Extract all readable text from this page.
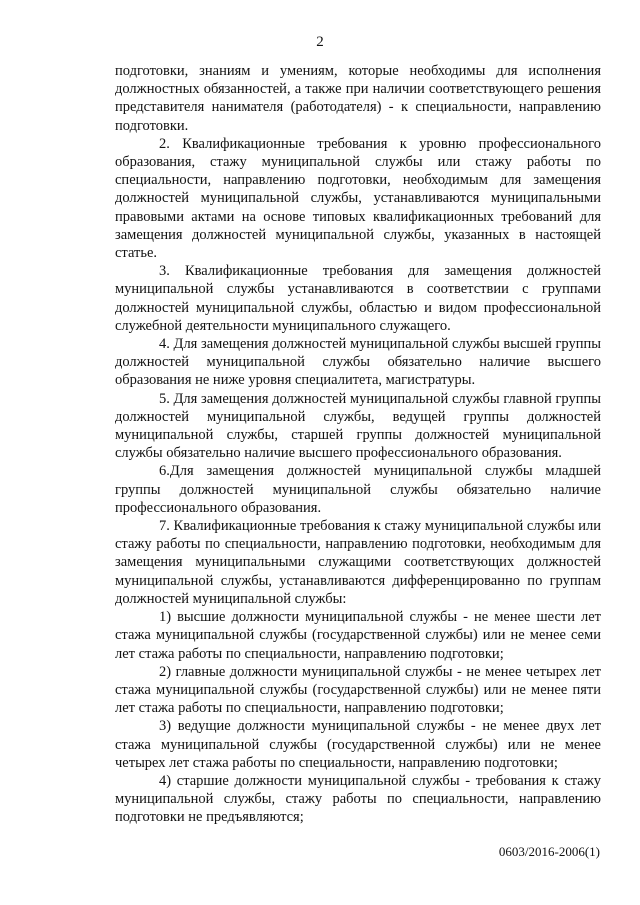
2

подготовки, знаниям и умениям, которые необходимы для исполнения должностных обязанностей, а также при наличии соответствующего решения представителя нанимателя (работодателя) - к специальности, направлению подготовки.

2. Квалификационные требования к уровню профессионального образования, стажу муниципальной службы или стажу работы по специальности, направлению подготовки, необходимым для замещения должностей муниципальной службы, устанавливаются муниципальными правовыми актами на основе типовых квалификационных требований для замещения должностей муниципальной службы, указанных в настоящей статье.

3. Квалификационные требования для замещения должностей муниципальной службы устанавливаются в соответствии с группами должностей муниципальной службы, областью и видом профессиональной служебной деятельности муниципального служащего.

4. Для замещения должностей муниципальной службы высшей группы должностей муниципальной службы обязательно наличие высшего образования не ниже уровня специалитета, магистратуры.

5. Для замещения должностей муниципальной службы главной группы должностей муниципальной службы, ведущей группы должностей муниципальной службы, старшей группы должностей муниципальной службы обязательно наличие высшего профессионального образования.

6.Для замещения должностей муниципальной службы младшей группы должностей муниципальной службы обязательно наличие профессионального образования.

7. Квалификационные требования к стажу муниципальной службы или стажу работы по специальности, направлению подготовки, необходимым для замещения муниципальными служащими соответствующих должностей муниципальной службы, устанавливаются дифференцированно по группам должностей муниципальной службы:

1) высшие должности муниципальной службы - не менее шести лет стажа муниципальной службы (государственной службы) или не менее семи лет стажа работы по специальности, направлению подготовки;

2) главные должности муниципальной службы - не менее четырех лет стажа муниципальной службы (государственной службы) или не менее пяти лет стажа работы по специальности, направлению подготовки;

3) ведущие должности муниципальной службы - не менее двух лет стажа муниципальной службы (государственной службы) или не менее четырех лет стажа работы по специальности, направлению подготовки;

4) старшие должности муниципальной службы - требования к стажу муниципальной службы, стажу работы по специальности, направлению подготовки не предъявляются;

0603/2016-2006(1)
